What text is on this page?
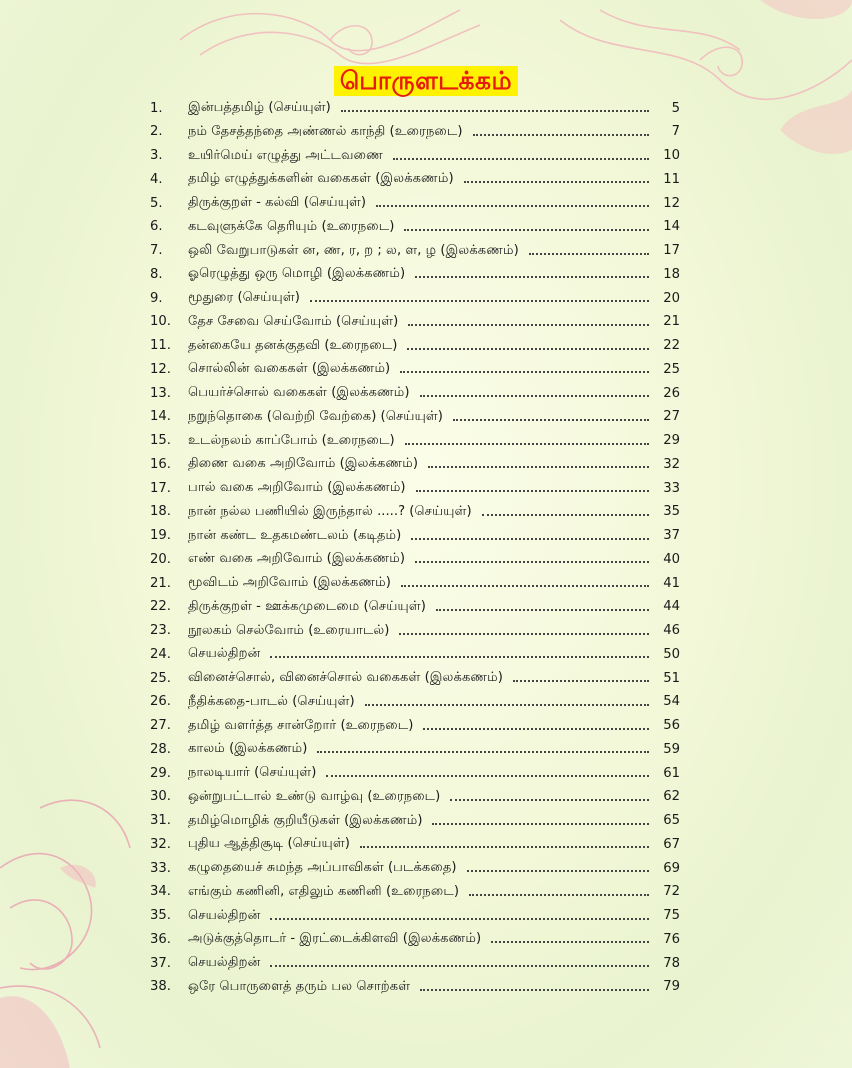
பொருளடக்கம்
1.	இன்பத்தமிழ் (செய்யுள்)	5
2.	நம் தேசத்தந்தை அண்ணல் காந்தி (உரைநடை)	7
3.	உயிர்மெய் எழுத்து அட்டவணை	10
4.	தமிழ் எழுத்துக்களின் வகைகள் (இலக்கணம்)	11
5.	திருக்குறள் - கல்வி (செய்யுள்)	12
6.	கடவுளுக்கே தெரியும் (உரைநடை)	14
7.	ஒலி வேறுபாடுகள் ன, ண, ர, ற ; ல, ள, ழ (இலக்கணம்)	17
8.	ஓரெழுத்து ஒரு மொழி (இலக்கணம்)	18
9.	மூதுரை (செய்யுள்)	20
10.	தேச சேவை செய்வோம் (செய்யுள்)	21
11.	தன்கையே தனக்குதவி (உரைநடை)	22
12.	சொல்லின் வகைகள் (இலக்கணம்)	25
13.	பெயர்ச்சொல் வகைகள் (இலக்கணம்)	26
14.	நறுந்தொகை (வெற்றி வேற்கை) (செய்யுள்)	27
15.	உடல்நலம் காப்போம் (உரைநடை)	29
16.	திணை வகை அறிவோம் (இலக்கணம்)	32
17.	பால் வகை அறிவோம் (இலக்கணம்)	33
18.	நான் நல்ல பணியில் இருந்தால் .....? (செய்யுள்)	35
19.	நான் கண்ட உதகமண்டலம் (கடிதம்)	37
20.	எண் வகை அறிவோம் (இலக்கணம்)	40
21.	மூவிடம் அறிவோம் (இலக்கணம்)	41
22.	திருக்குறள் - ஊக்கமுடைமை (செய்யுள்)	44
23.	நூலகம் செல்வோம் (உரையாடல்)	46
24.	செயல்திறன்	50
25.	வினைச்சொல், வினைச்சொல் வகைகள் (இலக்கணம்)	51
26.	நீதிக்கதை-பாடல் (செய்யுள்)	54
27.	தமிழ் வளர்த்த சான்றோர் (உரைநடை)	56
28.	காலம் (இலக்கணம்)	59
29.	நாலடியார் (செய்யுள்)	61
30.	ஒன்றுபட்டால் உண்டு வாழ்வு (உரைநடை)	62
31.	தமிழ்மொழிக் குறியீடுகள் (இலக்கணம்)	65
32.	புதிய ஆத்திசூடி (செய்யுள்)	67
33.	கழுதையைச் சுமந்த அப்பாவிகள் (படக்கதை)	69
34.	எங்கும் கணினி, எதிலும் கணினி (உரைநடை)	72
35.	செயல்திறன்	75
36.	அடுக்குத்தொடர் - இரட்டைக்கிளவி (இலக்கணம்)	76
37.	செயல்திறன்	78
38.	ஒரே பொருளைத் தரும் பல சொற்கள்	79
